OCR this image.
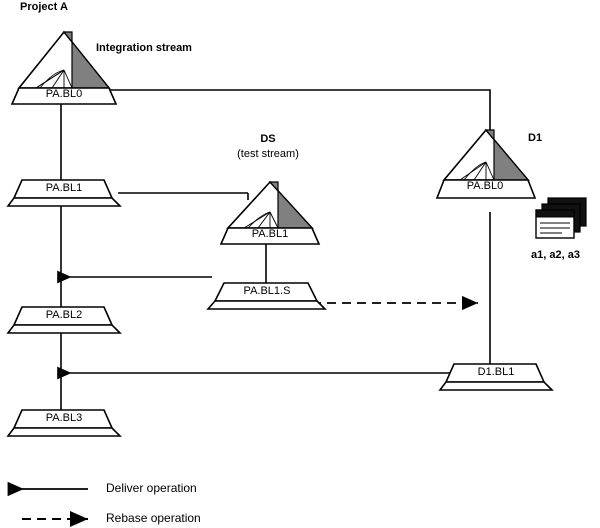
Project A
PA.BL0
Integration stream
PA.BL1
PA.BL2
PA.BL3
DS
(test stream)
PA.BL1
PA.BL1.S
PA.BL0
D1
a1, a2, a3
D1.BL1
Deliver operation
Rebase operation
